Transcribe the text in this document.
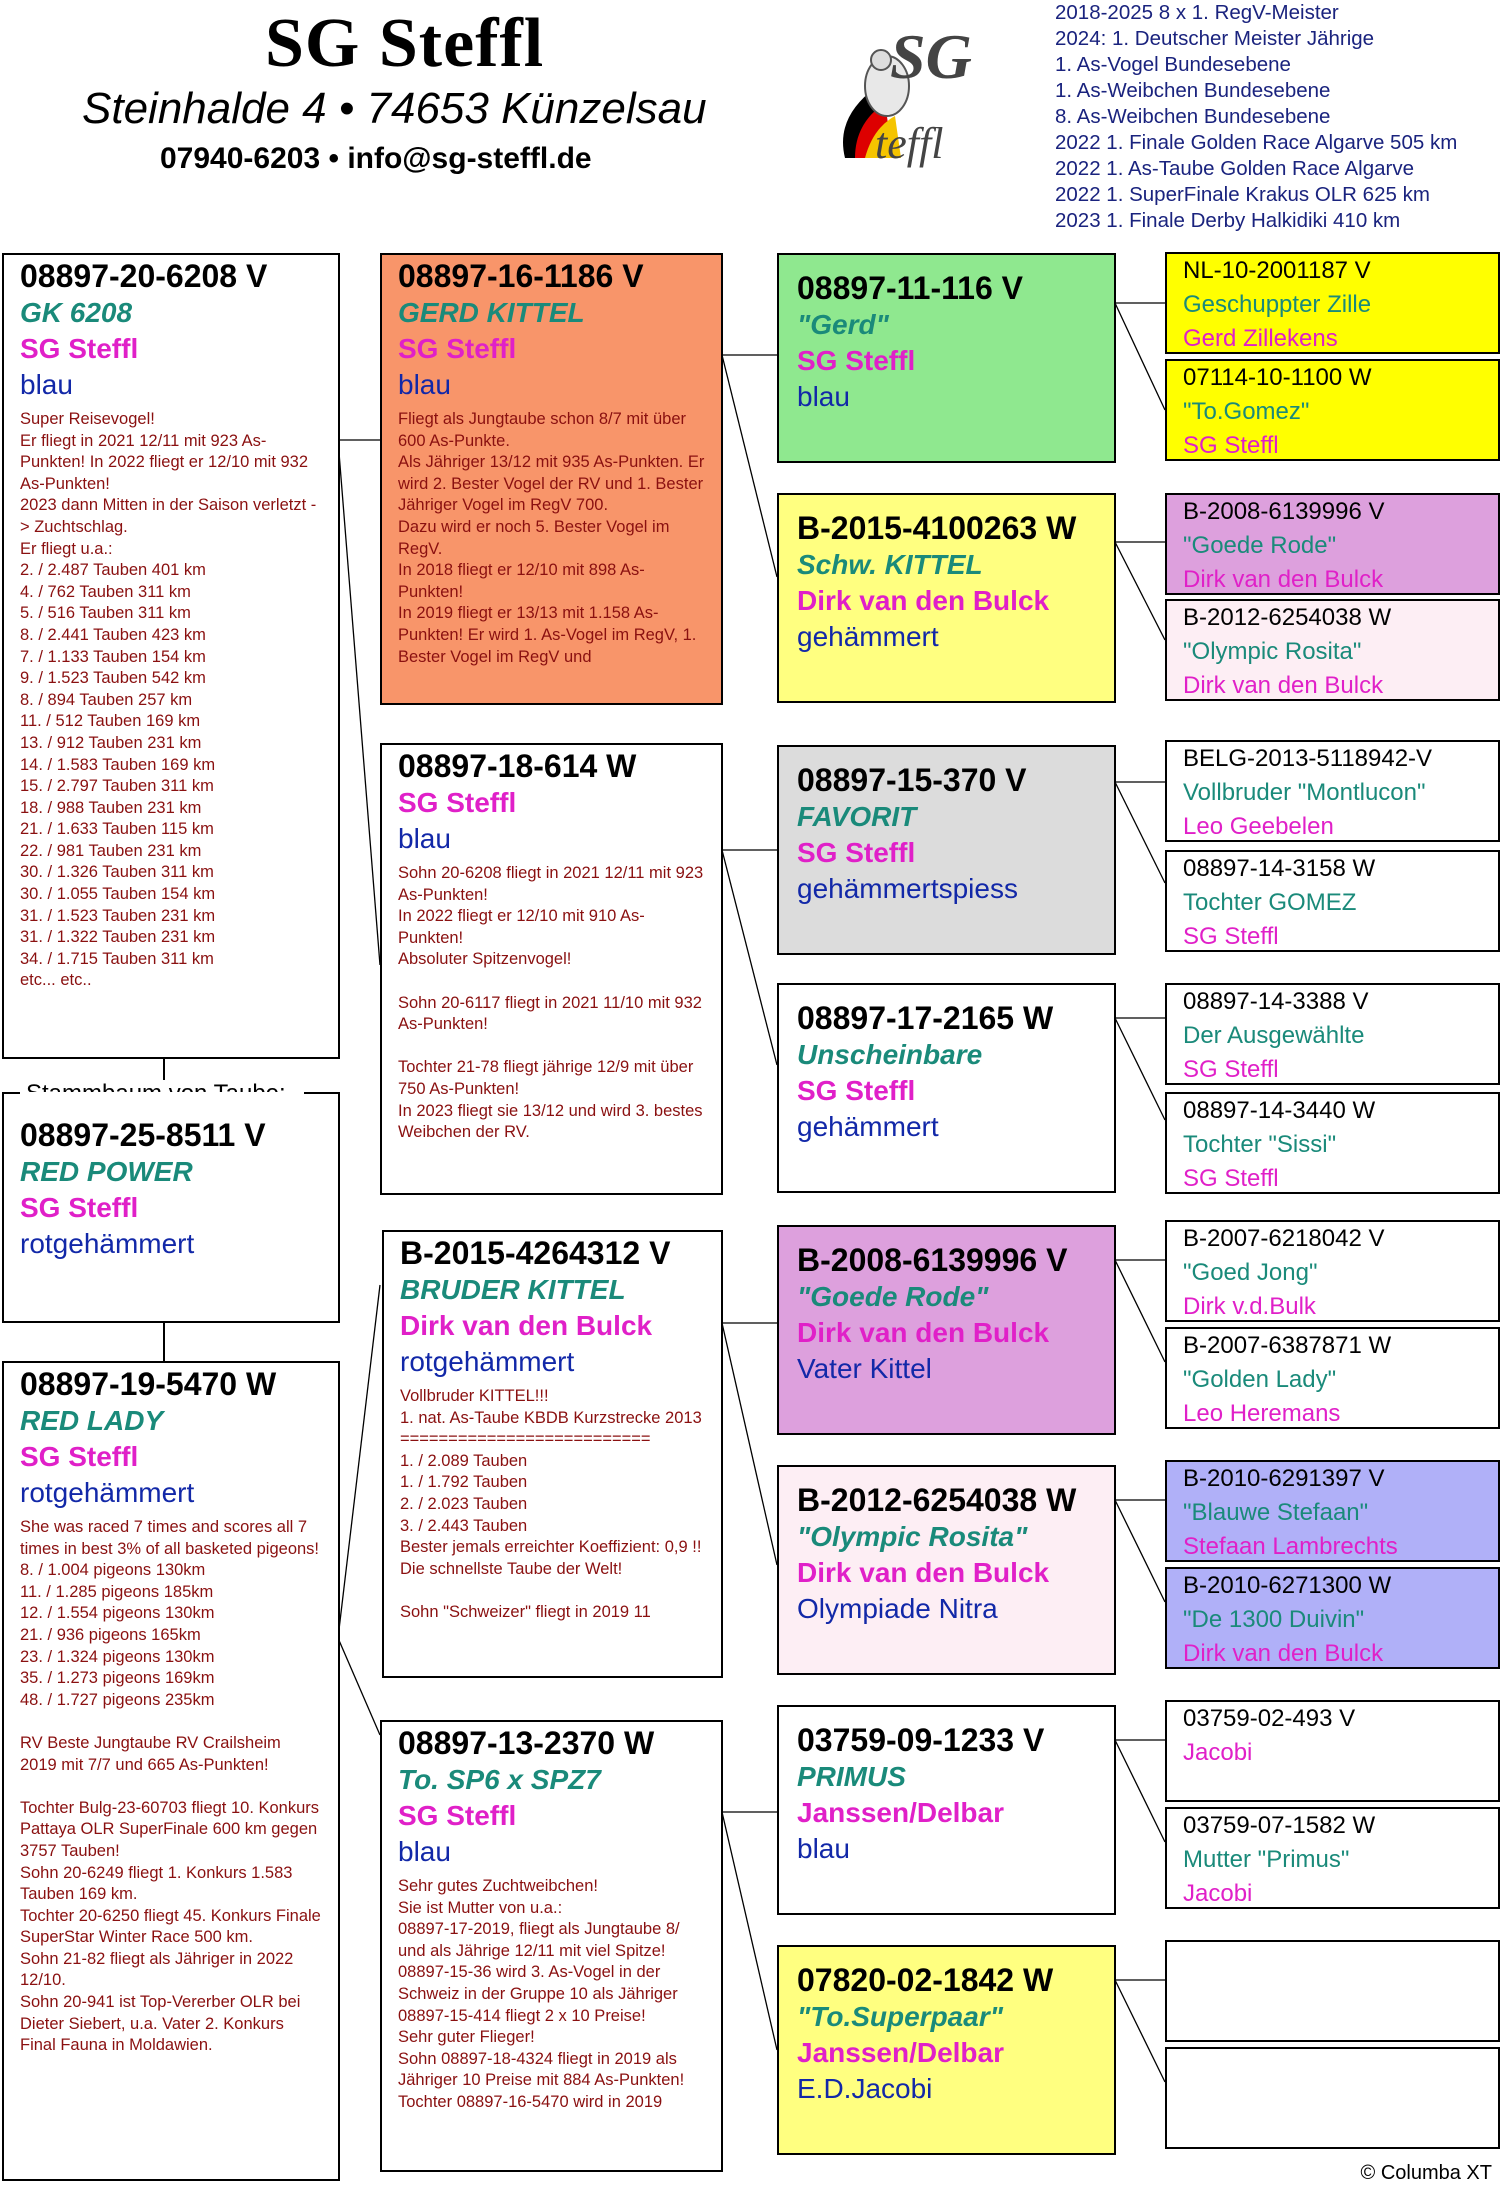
SG Steffl
Steinhalde 4 • 74653 Künzelsau
07940-6203 • info@sg-steffl.de
SG
teffl
2018-2025 8 x 1. RegV-Meister
2024: 1. Deutscher Meister Jährige
1. As-Vogel Bundesebene
1. As-Weibchen Bundesebene
8. As-Weibchen Bundesebene
2022 1. Finale Golden Race Algarve 505 km
2022 1. As-Taube Golden Race Algarve
2022 1. SuperFinale Krakus OLR 625 km
2023 1. Finale Derby Halkidiki 410 km
08897-20-6208 V
GK 6208
SG Steffl
blau
Super Reisevogel!
Er fliegt in 2021 12/11 mit 923 As-Punkten! In 2022 fliegt er 12/10 mit 932 As-Punkten!
2023 dann Mitten in der Saison verletzt -> Zuchtschlag.
Er fliegt u.a.:
2. / 2.487 Tauben 401 km
4. / 762 Tauben 311 km
5. / 516 Tauben 311 km
8. / 2.441 Tauben 423 km
7. / 1.133 Tauben 154 km
9. / 1.523 Tauben 542 km
8. / 894 Tauben 257 km
11. / 512 Tauben 169 km
13. / 912 Tauben 231 km
14. / 1.583 Tauben 169 km
15. / 2.797 Tauben 311 km
18. / 988 Tauben 231 km
21. / 1.633 Tauben 115 km
22. / 981 Tauben 231 km
30. / 1.326 Tauben 311 km
30. / 1.055 Tauben 154 km
31. / 1.523 Tauben 231 km
31. / 1.322 Tauben 231 km
34. / 1.715 Tauben 311 km
etc... etc..
08897-25-8511 V
RED POWER
SG Steffl
rotgehämmert
08897-19-5470 W
RED LADY
SG Steffl
rotgehämmert
She was raced 7 times and scores all 7 times in best 3% of all basketed pigeons!
8. / 1.004 pigeons 130km
11. / 1.285 pigeons 185km
12. / 1.554 pigeons 130km
21. / 936 pigeons 165km
23. / 1.324 pigeons 130km
35. / 1.273 pigeons 169km
48. / 1.727 pigeons 235km

RV Beste Jungtaube RV Crailsheim 2019 mit 7/7 und 665 As-Punkten!

Tochter Bulg-23-60703 fliegt 10. Konkurs Pattaya OLR SuperFinale 600 km gegen 3757 Tauben!
Sohn 20-6249 fliegt 1. Konkurs 1.583 Tauben 169 km.
Tochter 20-6250 fliegt 45. Konkurs Finale SuperStar Winter Race 500 km.
Sohn 21-82 fliegt als Jähriger in 2022 12/10.
Sohn 20-941 ist Top-Vererber OLR bei Dieter Siebert, u.a. Vater 2. Konkurs Final Fauna in Moldawien.
08897-16-1186 V
GERD KITTEL
SG Steffl
blau
Fliegt als Jungtaube schon 8/7 mit über 600 As-Punkte.
Als Jähriger 13/12 mit 935 As-Punkten. Er wird 2. Bester Vogel der RV und 1. Bester Jähriger Vogel im RegV 700.
Dazu wird er noch 5. Bester Vogel im RegV.
In 2018 fliegt er 12/10 mit 898 As-Punkten!
In 2019 fliegt er 13/13 mit 1.158 As-Punkten! Er wird 1. As-Vogel im RegV, 1. Bester Vogel im RegV und
08897-18-614 W
SG Steffl
blau
Sohn 20-6208 fliegt in 2021 12/11 mit 923 As-Punkten!
In 2022 fliegt er 12/10 mit 910 As-Punkten!
Absoluter Spitzenvogel!

Sohn 20-6117 fliegt in 2021 11/10 mit 932 As-Punkten!

Tochter 21-78 fliegt jährige 12/9 mit über 750 As-Punkten!
In 2023 fliegt sie 13/12 und wird 3. bestes Weibchen der RV.
B-2015-4264312 V
BRUDER KITTEL
Dirk van den Bulck
rotgehämmert
Vollbruder KITTEL!!!
1. nat. As-Taube KBDB Kurzstrecke 2013
==========================
1. / 2.089 Tauben
1. / 1.792 Tauben
2. / 2.023 Tauben
3. / 2.443 Tauben
Bester jemals erreichter Koeffizient: 0,9 !!
Die schnellste Taube der Welt!

Sohn "Schweizer" fliegt in 2019 11
08897-13-2370 W
To. SP6 x SPZ7
SG Steffl
blau
Sehr gutes Zuchtweibchen!
Sie ist Mutter von u.a.:
08897-17-2019, fliegt als Jungtaube 8/ und als Jährige 12/11 mit viel Spitze!
08897-15-36 wird 3. As-Vogel in der Schweiz in der Gruppe 10 als Jähriger
08897-15-414 fliegt 2 x 10 Preise!
Sehr guter Flieger!
Sohn 08897-18-4324 fliegt in 2019 als Jähriger 10 Preise mit 884 As-Punkten!
Tochter 08897-16-5470 wird in 2019
08897-11-116 V
"Gerd"
SG Steffl
blau
B-2015-4100263 W
Schw. KITTEL
Dirk van den Bulck
gehämmert
08897-15-370 V
FAVORIT
SG Steffl
gehämmertspiess
08897-17-2165 W
Unscheinbare
SG Steffl
gehämmert
B-2008-6139996 V
"Goede Rode"
Dirk van den Bulck
Vater Kittel
B-2012-6254038 W
"Olympic Rosita"
Dirk van den Bulck
Olympiade Nitra
03759-09-1233 V
PRIMUS
Janssen/Delbar
blau
07820-02-1842 W
"To.Superpaar"
Janssen/Delbar
E.D.Jacobi
NL-10-2001187 V
Geschuppter Zille
Gerd Zillekens
07114-10-1100 W
"To.Gomez"
SG Steffl
B-2008-6139996 V
"Goede Rode"
Dirk van den Bulck
B-2012-6254038 W
"Olympic Rosita"
Dirk van den Bulck
BELG-2013-5118942-V
Vollbruder "Montlucon"
Leo Geebelen
08897-14-3158 W
Tochter GOMEZ
SG Steffl
08897-14-3388 V
Der Ausgewählte
SG Steffl
08897-14-3440 W
Tochter "Sissi"
SG Steffl
B-2007-6218042 V
"Goed Jong"
Dirk v.d.Bulk
B-2007-6387871 W
"Golden Lady"
Leo Heremans
B-2010-6291397 V
"Blauwe Stefaan"
Stefaan Lambrechts
B-2010-6271300 W
"De 1300 Duivin"
Dirk van den Bulck
03759-02-493 V
Jacobi
03759-07-1582 W
Mutter "Primus"
Jacobi
© Columba XT
